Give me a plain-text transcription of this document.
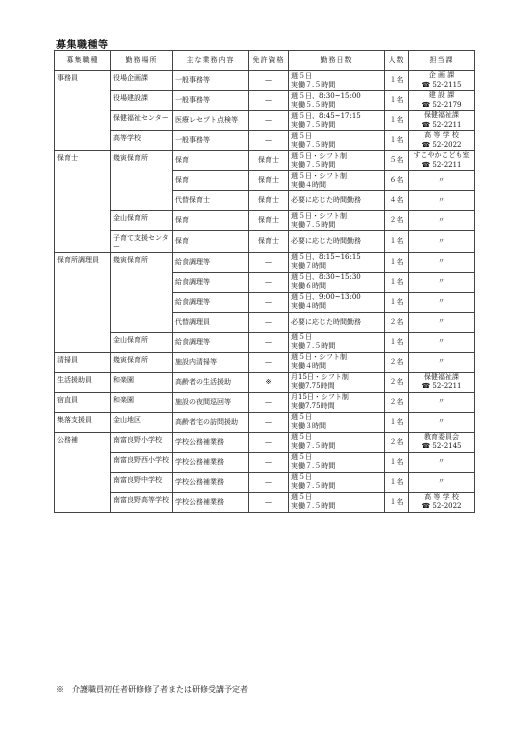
募集職種等
募集職種	勤務場所	主な業務内容	免許資格	勤務日数	人数	担当課

事務員	役場企画課	一般事務等	—	週５日
実働７.５時間	１名	企 画 課
☎ 52-2115

	役場建設課	一般事務等	—	週５日、8:30~15:00
実働５.５時間	１名	建 設 課
☎ 52-2179

	保健福祉センター	医療レセプト点検等	—	週５日、8:45~17:15
実働７.５時間	１名	保健福祉課
☎ 52-2211

	高等学校	一般事務等	—	週５日
実働７.５時間	１名	高 等 学 校
☎ 52-2022

保育士	幾寅保育所	保育	保育士	週５日・シフト制
実働７.５時間	５名	すこやかこども室
☎ 52-2211

		保育	保育士	週５日・シフト制
実働４時間	６名	〃

		代替保育士	保育士	必要に応じた時間勤務	４名	〃

	金山保育所	保育	保育士	週５日・シフト制
実働７.５時間	２名	〃

	子育て支援センター	保育	保育士	必要に応じた時間勤務	１名	〃

保育所調理員	幾寅保育所	給食調理等	—	週５日、8:15~16:15
実働７時間	１名	〃

		給食調理等	—	週５日、8:30~15:30
実働６時間	１名	〃

		給食調理等	—	週５日、9:00~13:00
実働４時間	１名	〃

		代替調理員	—	必要に応じた時間勤務	２名	〃

	金山保育所	給食調理等	—	週５日
実働７.５時間	１名	〃

清掃員	幾寅保育所	施設内清掃等	—	週５日・シフト制
実働４時間	２名	〃

生活援助員	和楽園	高齢者の生活援助	※	月15日・シフト制
実働7.75時間	２名	保健福祉課
☎ 52-2211

宿直員	和楽園	施設の夜間巡回等	—	月15日・シフト制
実働7.75時間	２名	〃

集落支援員	金山地区	高齢者宅の訪問援助	—	週５日
実働３時間	１名	〃

公務補	南富良野小学校	学校公務補業務	—	週５日
実働７.５時間	２名	教育委員会
☎ 52-2145

	南富良野西小学校	学校公務補業務	—	週５日
実働７.５時間	１名	〃

	南富良野中学校	学校公務補業務	—	週５日
実働７.５時間	１名	〃

	南富良野高等学校	学校公務補業務	—	週５日
実働７.５時間	１名	高 等 学 校
☎ 52-2022
※　介護職員初任者研修修了者または研修受講予定者
